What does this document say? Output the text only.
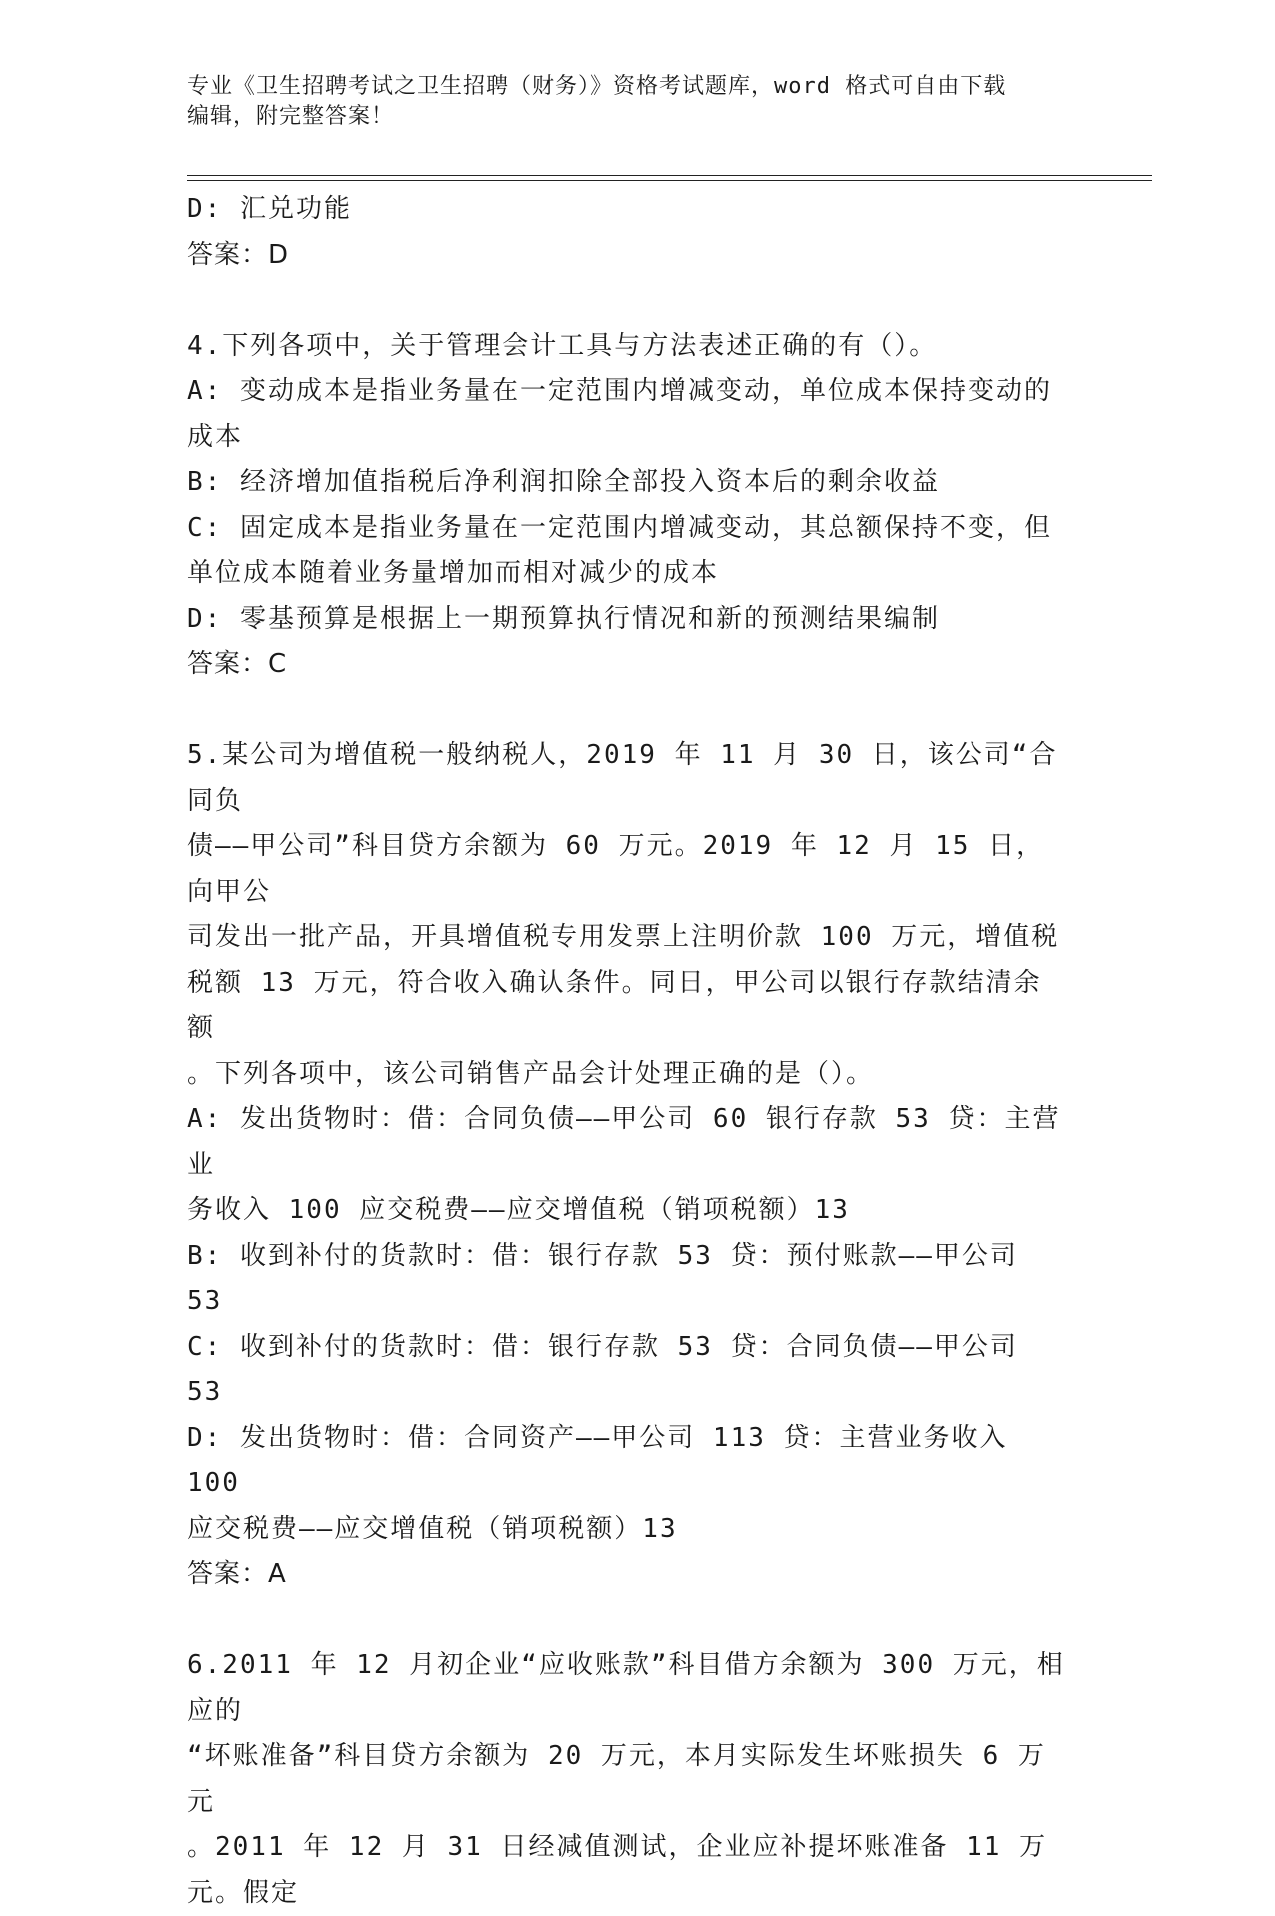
专业《卫生招聘考试之卫生招聘（财务）》资格考试题库，word 格式可自由下载
编辑，附完整答案！

D: 汇兑功能

答案：D

4.下列各项中，关于管理会计工具与方法表述正确的有（）。

A: 变动成本是指业务量在一定范围内增减变动，单位成本保持变动的

成本

B: 经济增加值指税后净利润扣除全部投入资本后的剩余收益

C: 固定成本是指业务量在一定范围内增减变动，其总额保持不变，但

单位成本随着业务量增加而相对减少的成本

D: 零基预算是根据上一期预算执行情况和新的预测结果编制

答案：C

5.某公司为增值税一般纳税人，2019 年 11 月 30 日，该公司“合同负

债——甲公司”科目贷方余额为 60 万元。2019 年 12 月 15 日，向甲公

司发出一批产品，开具增值税专用发票上注明价款 100 万元，增值税

税额 13 万元，符合收入确认条件。同日，甲公司以银行存款结清余额

。下列各项中，该公司销售产品会计处理正确的是（）。

A: 发出货物时：借：合同负债——甲公司 60 银行存款 53 贷：主营业

务收入 100 应交税费——应交增值税（销项税额）13

B: 收到补付的货款时：借：银行存款 53 贷：预付账款——甲公司 53

C: 收到补付的货款时：借：银行存款 53 贷：合同负债——甲公司 53

D: 发出货物时：借：合同资产——甲公司 113 贷：主营业务收入 100

应交税费——应交增值税（销项税额）13

答案：A

6.2011 年 12 月初企业“应收账款”科目借方余额为 300 万元，相应的

“坏账准备”科目贷方余额为 20 万元，本月实际发生坏账损失 6 万元

。2011 年 12 月 31 日经减值测试，企业应补提坏账准备 11 万元。假定
